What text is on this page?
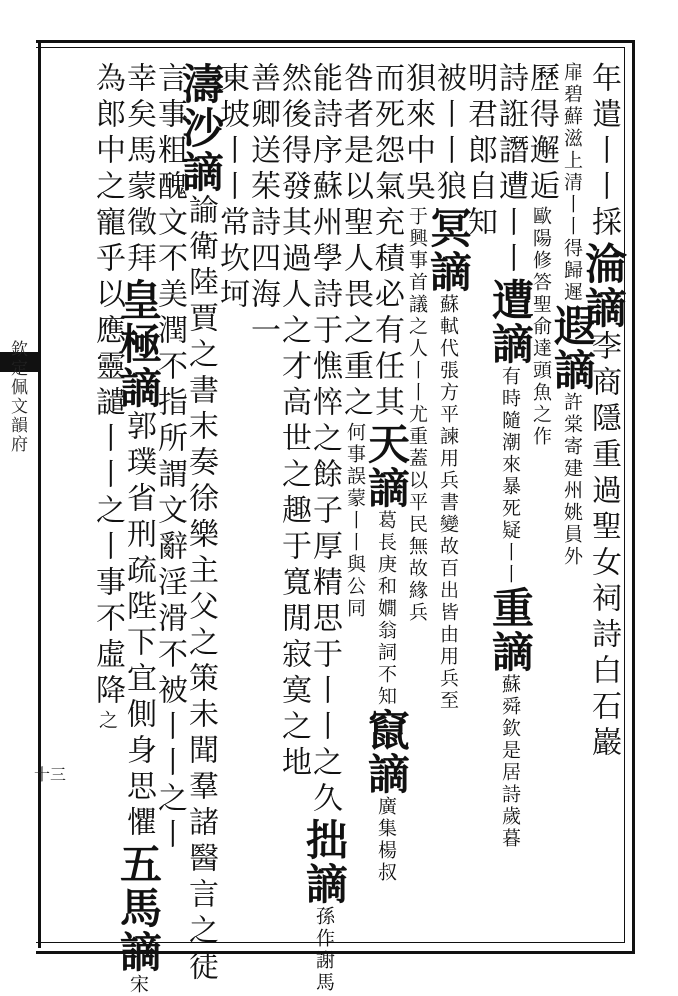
欽定佩文韻府
十三
年遣丨丨採淪謫李商隱重過聖女祠詩白石巖
扉碧蘚滋上清丨丨得歸遲遐謫許棠寄建州姚員外
歷得邂逅歐陽修答聖俞達頭魚之作
詩誑譖遭丨丨遭謫有時隨潮來暴死疑丨丨重謫蘇舜欽是居詩歲暮
明君郎自知
被丨丨狼冥謫蘇軾代張方平諫用兵書變故百出皆由用兵至
狽來中吳于興事首議之人丨丨尤重蓋以平民無故緣兵
而死怨氣充積必有任其天謫葛長庚和嫺翁詞不知竄謫廣集楊叔
咎者是以聖人畏之重之何事誤蒙丨丨與公同
能詩序蘇州學詩于憔悴之餘子厚精思于丨丨之久拙謫孫作謝馬
然後得發其過人之才高世之趣于寬閒寂寞之地
善卿送茱詩四海一
東坡丨丨常坎坷
濤沙謫諭衛陸賈之書末奏徐樂主父之策未聞羣諸醫言之徒
言事粗醜文不美潤不指所謂文辭淫滑不被丨丨之丨
幸矣馬蒙徵拜皇極謫郭璞省刑疏陛下宜側身思懼五馬謫宋
為郎中之寵乎以應靈譴丨丨之丨事不虛降之
